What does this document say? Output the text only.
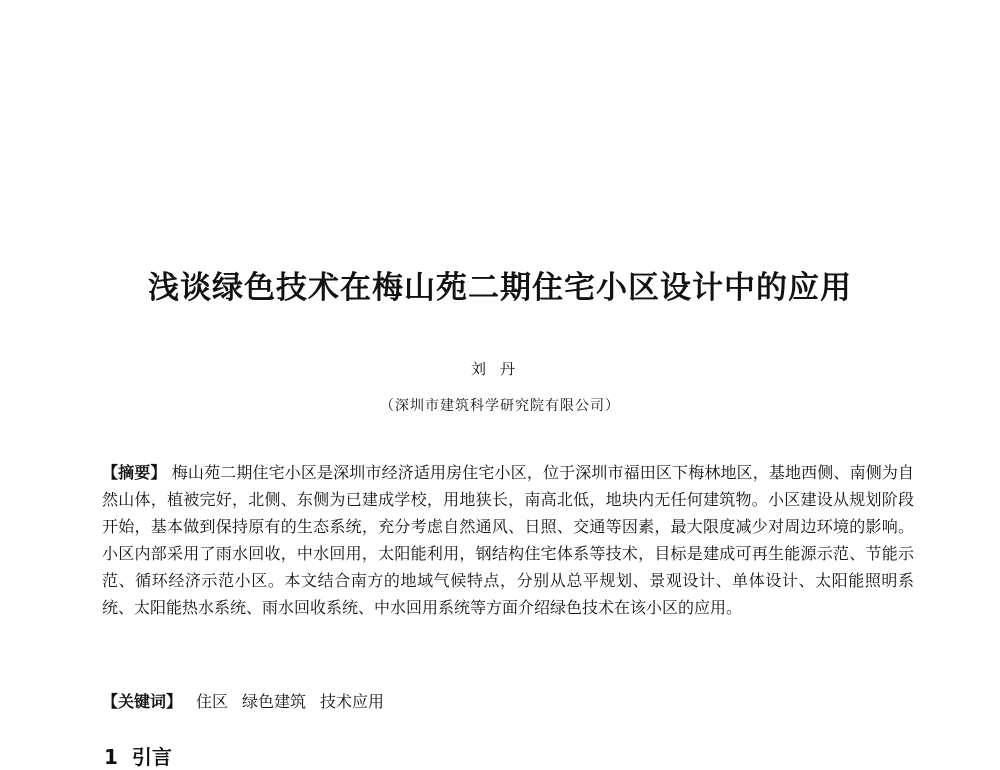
浅谈绿色技术在梅山苑二期住宅小区设计中的应用
刘丹
（深圳市建筑科学研究院有限公司）
【摘要】 梅山苑二期住宅小区是深圳市经济适用房住宅小区，位于深圳市福田区下梅林地区，基地西侧、南侧为自然山体，植被完好，北侧、东侧为已建成学校，用地狭长，南高北低，地块内无任何建筑物。小区建设从规划阶段开始，基本做到保持原有的生态系统，充分考虑自然通风、日照、交通等因素，最大限度减少对周边环境的影响。小区内部采用了雨水回收，中水回用，太阳能利用，钢结构住宅体系等技术，目标是建成可再生能源示范、节能示范、循环经济示范小区。本文结合南方的地域气候特点，分别从总平规划、景观设计、单体设计、太阳能照明系统、太阳能热水系统、雨水回收系统、中水回用系统等方面介绍绿色技术在该小区的应用。
【关键词】 住区 绿色建筑 技术应用
1 引言
